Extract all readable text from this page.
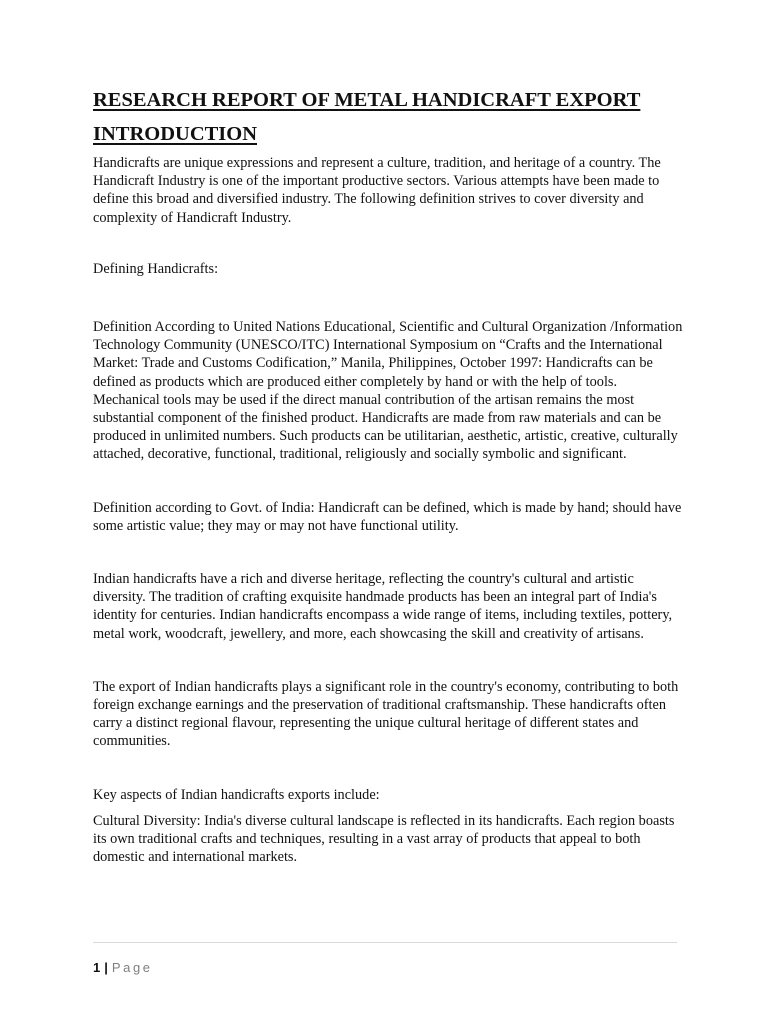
RESEARCH REPORT OF METAL HANDICRAFT EXPORT
INTRODUCTION

Handicrafts are unique expressions and represent a culture, tradition, and heritage of a country. The Handicraft Industry is one of the important productive sectors. Various attempts have been made to define this broad and diversified industry. The following definition strives to cover diversity and complexity of Handicraft Industry.

Defining Handicrafts:

Definition According to United Nations Educational, Scientific and Cultural Organization /Information Technology Community (UNESCO/ITC) International Symposium on “Crafts and the International Market: Trade and Customs Codification,” Manila, Philippines, October 1997: Handicrafts can be defined as products which are produced either completely by hand or with the help of tools. Mechanical tools may be used if the direct manual contribution of the artisan remains the most substantial component of the finished product. Handicrafts are made from raw materials and can be produced in unlimited numbers. Such products can be utilitarian, aesthetic, artistic, creative, culturally attached, decorative, functional, traditional, religiously and socially symbolic and significant.

Definition according to Govt. of India: Handicraft can be defined, which is made by hand; should have some artistic value; they may or may not have functional utility.

Indian handicrafts have a rich and diverse heritage, reflecting the country's cultural and artistic diversity. The tradition of crafting exquisite handmade products has been an integral part of India's identity for centuries. Indian handicrafts encompass a wide range of items, including textiles, pottery, metal work, woodcraft, jewellery, and more, each showcasing the skill and creativity of artisans.

The export of Indian handicrafts plays a significant role in the country's economy, contributing to both foreign exchange earnings and the preservation of traditional craftsmanship. These handicrafts often carry a distinct regional flavour, representing the unique cultural heritage of different states and communities.

Key aspects of Indian handicrafts exports include:

Cultural Diversity: India's diverse cultural landscape is reflected in its handicrafts. Each region boasts its own traditional crafts and techniques, resulting in a vast array of products that appeal to both domestic and international markets.

1 | Page
